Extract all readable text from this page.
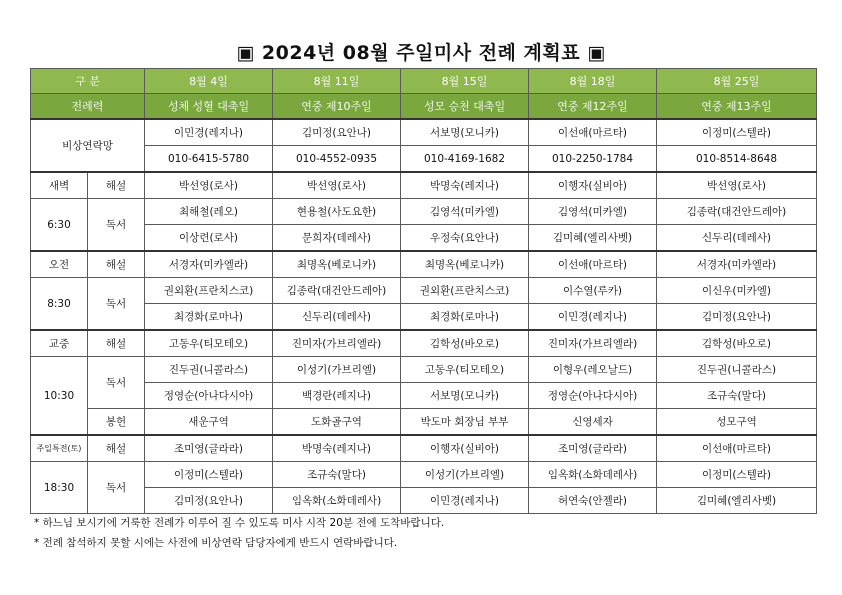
▣ 2024년 08월 주일미사 전례 계획표 ▣
구 분		8월 4일	8월 11일	8월 15일	8월 18일	8월 25일
전례력		성체 성혈 대축일	연중 제10주일	성모 승천 대축일	연중 제12주일	연중 제13주일
비상연락망		이민경(레지나)	김미정(요안나)	서보명(모니카)	이선애(마르타)	이정미(스텔라)
		010-6415-5780	010-4552-0935	010-4169-1682	010-2250-1784	010-8514-8648
새벽	해설	박선영(로사)	박선영(로사)	박명숙(레지나)	이행자(실비아)	박선영(로사)
6:30	독서	최해철(레오)	현용철(사도요한)	김영석(미카엘)	김영석(미카엘)	김종락(대건안드레아)
		이상련(로사)	문희자(데레사)	우정숙(요안나)	김미혜(엘리사벳)	신두리(데레사)
오전	해설	서경자(미카엘라)	최명옥(베로니카)	최명옥(베로니카)	이선애(마르타)	서경자(미카엘라)
8:30	독서	권외환(프란치스코)	김종락(대건안드레아)	권외환(프란치스코)	이수열(루카)	이신우(미카엘)
		최경화(로마나)	신두리(데레사)	최경화(로마나)	이민경(레지나)	김미정(요안나)
교중	해설	고동우(티모테오)	진미자(가브리엘라)	김학성(바오로)	진미자(가브리엘라)	김학성(바오로)
10:30	독서	진두권(니콜라스)	이성기(가브리엘)	고동우(티모테오)	이형우(레오날드)	진두권(니콜라스)
		정영순(아나다시아)	백경란(레지나)	서보명(모니카)	정영순(아나다시아)	조규숙(말다)
	봉헌	새운구역	도화골구역	박도마 회장님 부부	신영세자	성모구역
주일특전(토)	해설	조미영(글라라)	박명숙(레지나)	이행자(실비아)	조미영(글라라)	이선애(마르타)
18:30	독서	이정미(스텔라)	조규숙(말다)	이성기(가브리엘)	임옥화(소화데레사)	이정미(스텔라)
		김미정(요안나)	임옥화(소화데레사)	이민경(레지나)	허연숙(안젤라)	김미혜(엘리사벳)
* 하느님 보시기에 거룩한 전례가 이루어 질 수 있도록 미사 시작 20분 전에 도착바랍니다.
* 전례 참석하지 못할 시에는 사전에 비상연락 담당자에게 반드시 연락바랍니다.
